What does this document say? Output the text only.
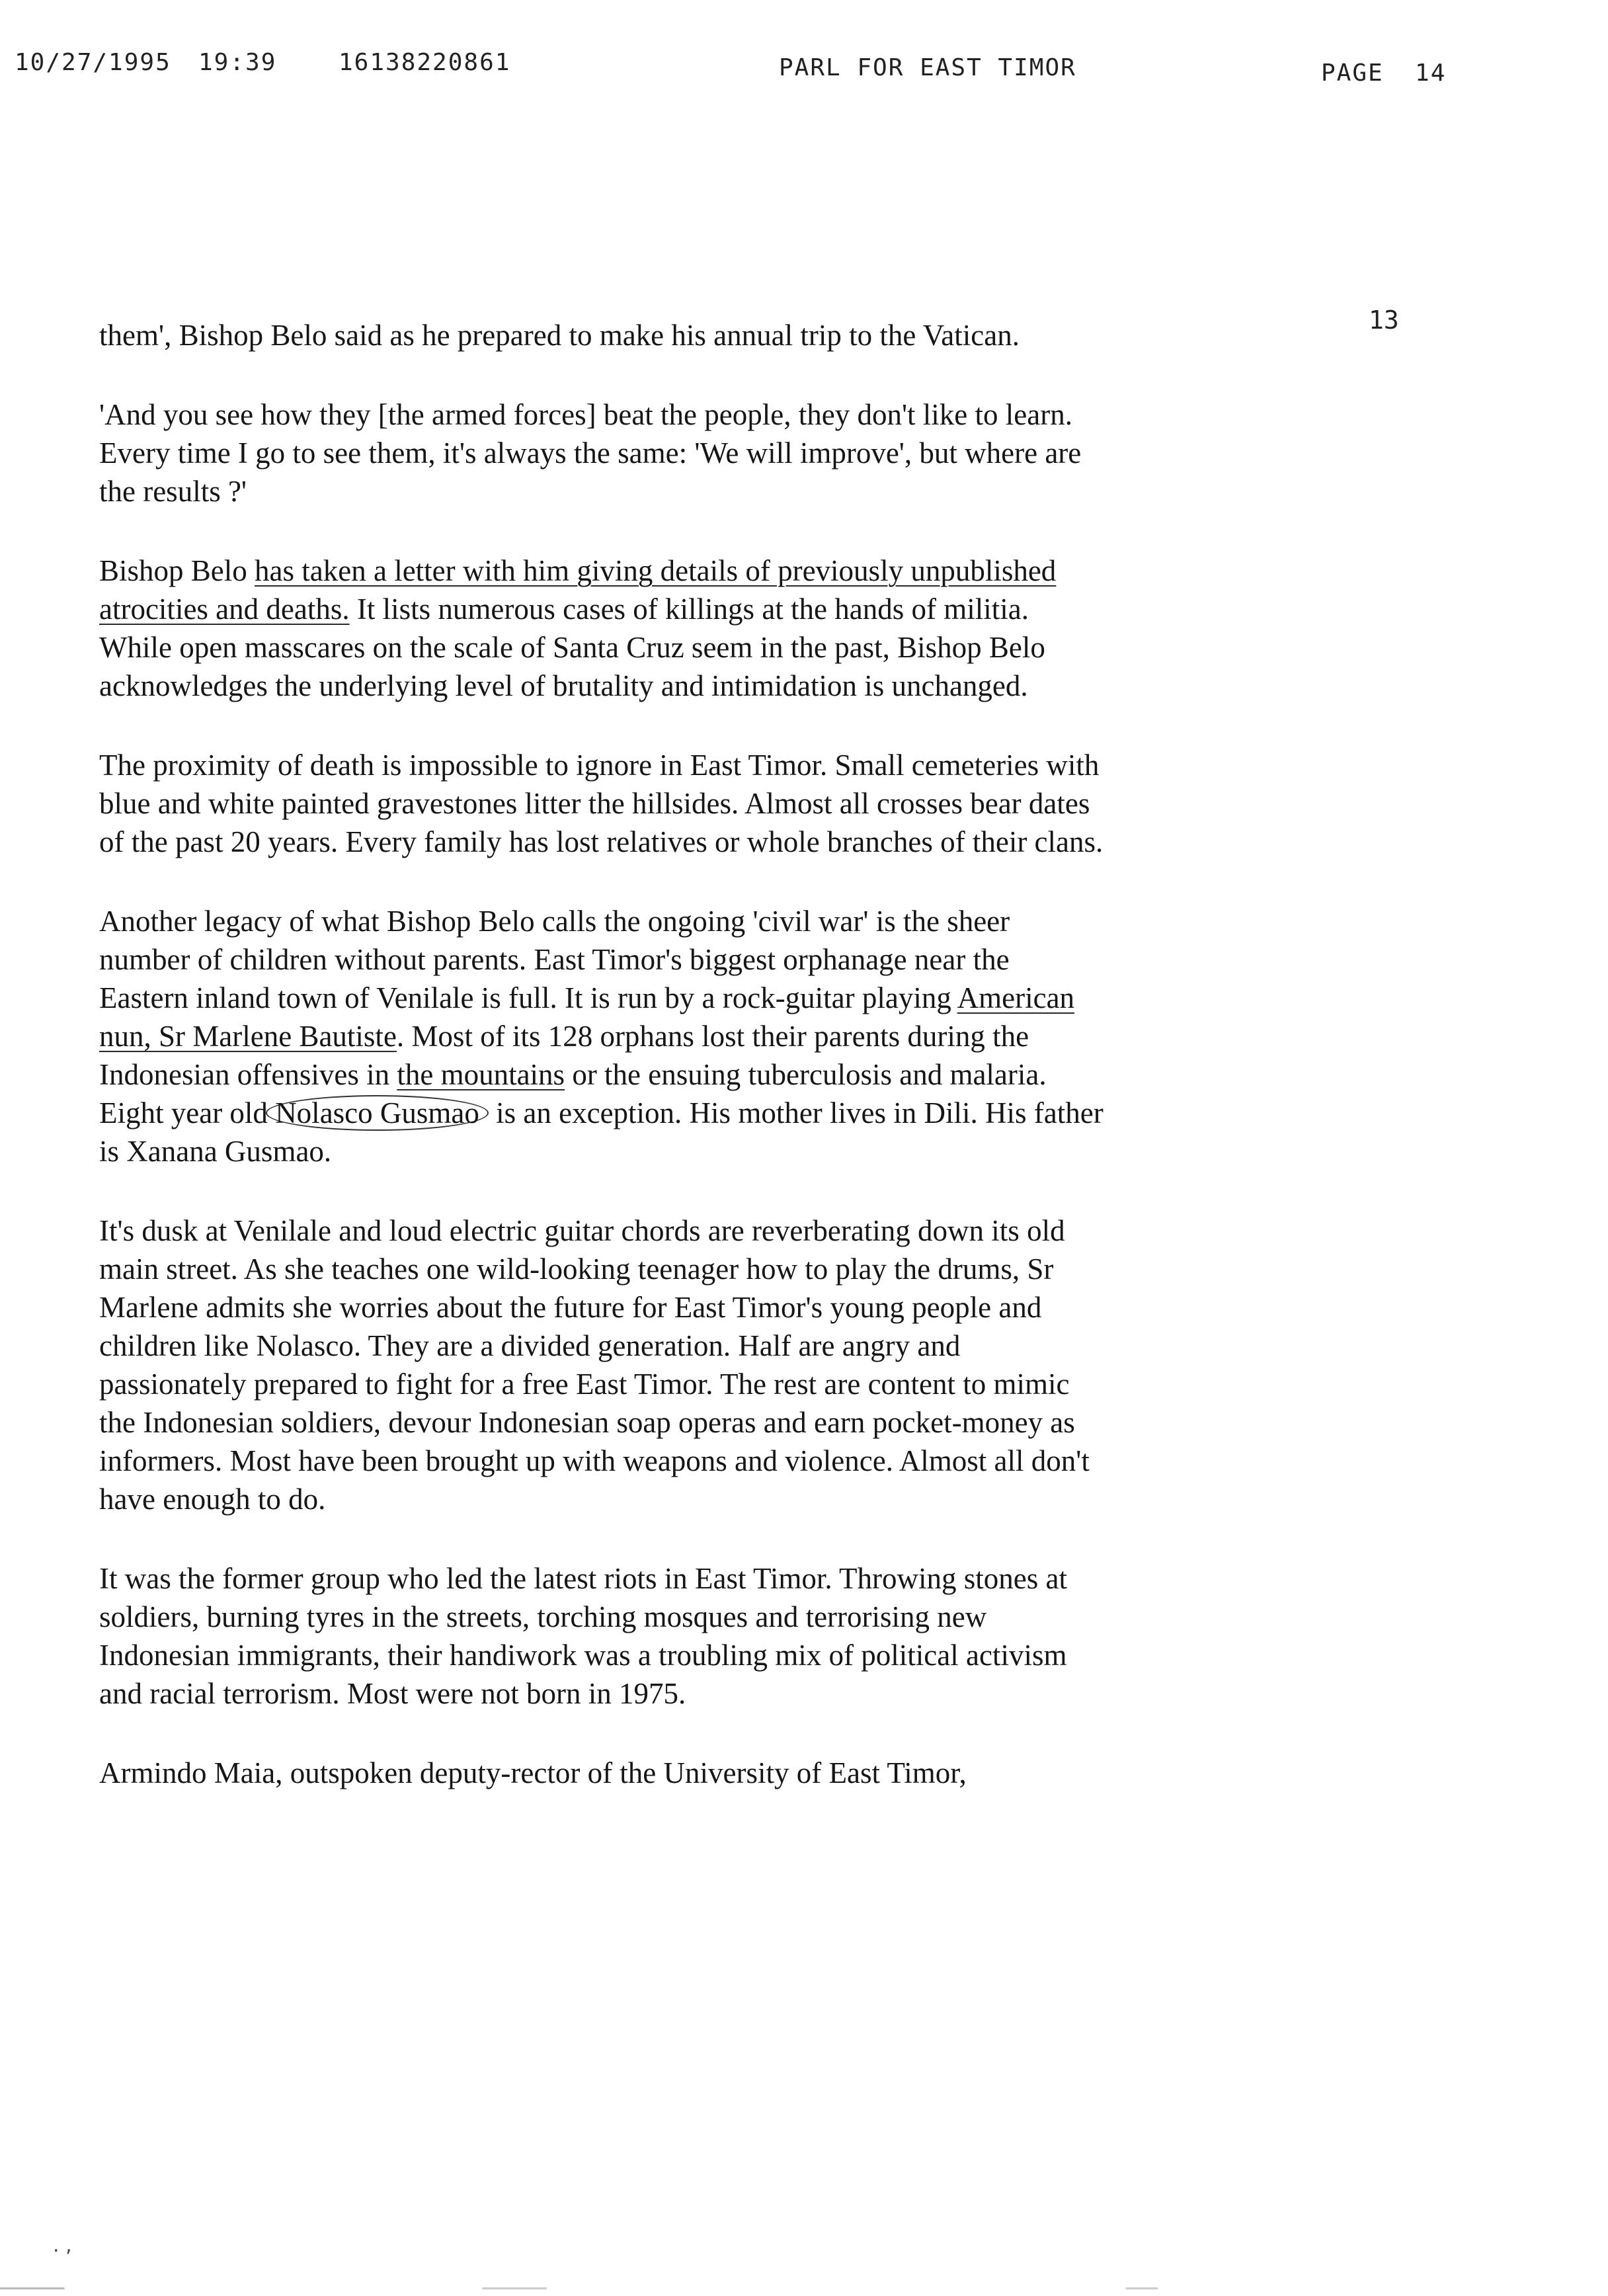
10/27/1995 19:39	16138220861	PARL FOR EAST TIMOR	PAGE  14
13

them', Bishop Belo said as he prepared to make his annual trip to the Vatican.

'And you see how they [the armed forces] beat the people, they don't like to learn. Every time I go to see them, it's always the same: 'We will improve', but where are the results ?'

Bishop Belo has taken a letter with him giving details of previously unpublished atrocities and deaths. It lists numerous cases of killings at the hands of militia. While open masscares on the scale of Santa Cruz seem in the past, Bishop Belo acknowledges the underlying level of brutality and intimidation is unchanged.

The proximity of death is impossible to ignore in East Timor. Small cemeteries with blue and white painted gravestones litter the hillsides. Almost all crosses bear dates of the past 20 years. Every family has lost relatives or whole branches of their clans.

Another legacy of what Bishop Belo calls the ongoing 'civil war' is the sheer number of children without parents. East Timor's biggest orphanage near the Eastern inland town of Venilale is full. It is run by a rock-guitar playing American nun, Sr Marlene Bautiste. Most of its 128 orphans lost their parents during the Indonesian offensives in the mountains or the ensuing tuberculosis and malaria. Eight year old Nolasco Gusmao is an exception. His mother lives in Dili. His father is Xanana Gusmao.

It's dusk at Venilale and loud electric guitar chords are reverberating down its old main street. As she teaches one wild-looking teenager how to play the drums, Sr Marlene admits she worries about the future for East Timor's young people and children like Nolasco. They are a divided generation. Half are angry and passionately prepared to fight for a free East Timor. The rest are content to mimic the Indonesian soldiers, devour Indonesian soap operas and earn pocket-money as informers. Most have been brought up with weapons and violence. Almost all don't have enough to do.

It was the former group who led the latest riots in East Timor. Throwing stones at soldiers, burning tyres in the streets, torching mosques and terrorising new Indonesian immigrants, their handiwork was a troubling mix of political activism and racial terrorism. Most were not born in 1975.

Armindo Maia, outspoken deputy-rector of the University of East Timor,

. ,
